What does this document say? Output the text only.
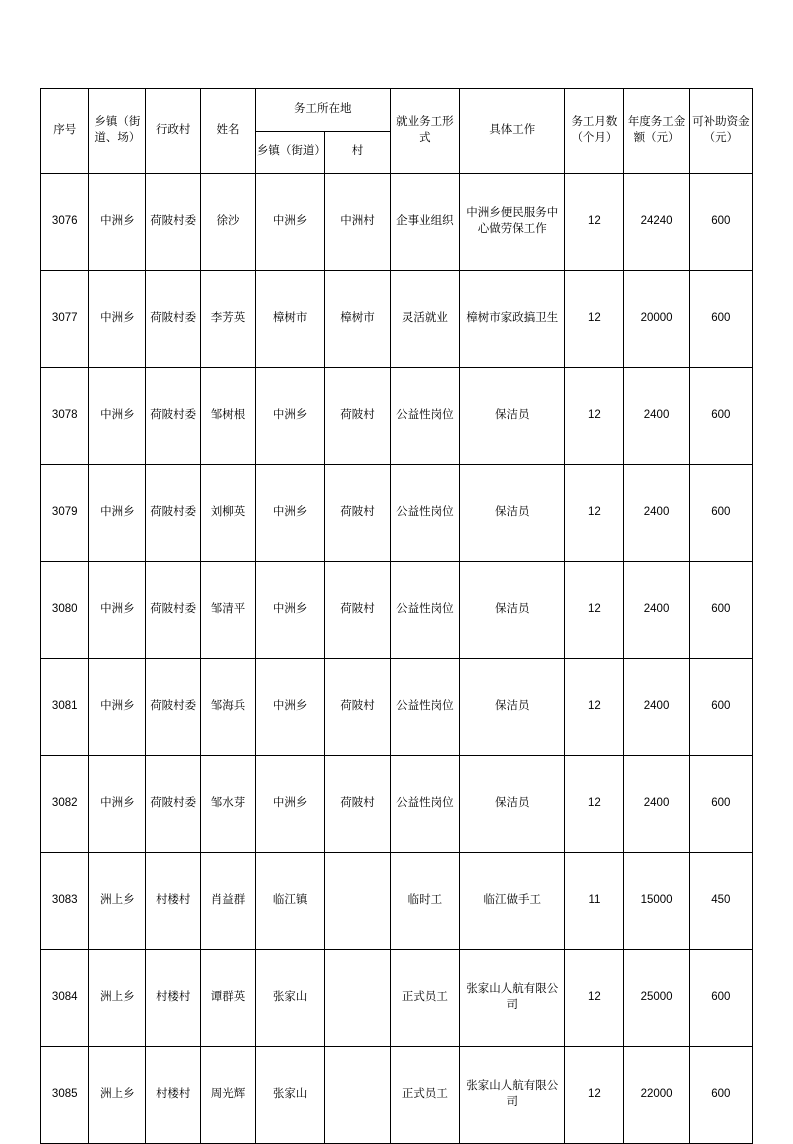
序号	乡镇（街道、场）	行政村	姓名	务工所在地		就业务工形式	具体工作	务工月数（个月）	年度务工金额（元）	可补助资金（元）
				乡镇（街道）	村					
3076	中洲乡	荷陂村委	徐沙	中洲乡	中洲村	企事业组织	中洲乡便民服务中心做劳保工作	12	24240	600
3077	中洲乡	荷陂村委	李芳英	樟树市	樟树市	灵活就业	樟树市家政搞卫生	12	20000	600
3078	中洲乡	荷陂村委	邹树根	中洲乡	荷陂村	公益性岗位	保洁员	12	2400	600
3079	中洲乡	荷陂村委	刘柳英	中洲乡	荷陂村	公益性岗位	保洁员	12	2400	600
3080	中洲乡	荷陂村委	邹清平	中洲乡	荷陂村	公益性岗位	保洁员	12	2400	600
3081	中洲乡	荷陂村委	邹海兵	中洲乡	荷陂村	公益性岗位	保洁员	12	2400	600
3082	中洲乡	荷陂村委	邹水芽	中洲乡	荷陂村	公益性岗位	保洁员	12	2400	600
3083	洲上乡	村楼村	肖益群	临江镇		临时工	临江做手工	11	15000	450
3084	洲上乡	村楼村	谭群英	张家山		正式员工	张家山人航有限公司	12	25000	600
3085	洲上乡	村楼村	周光辉	张家山		正式员工	张家山人航有限公司	12	22000	600
